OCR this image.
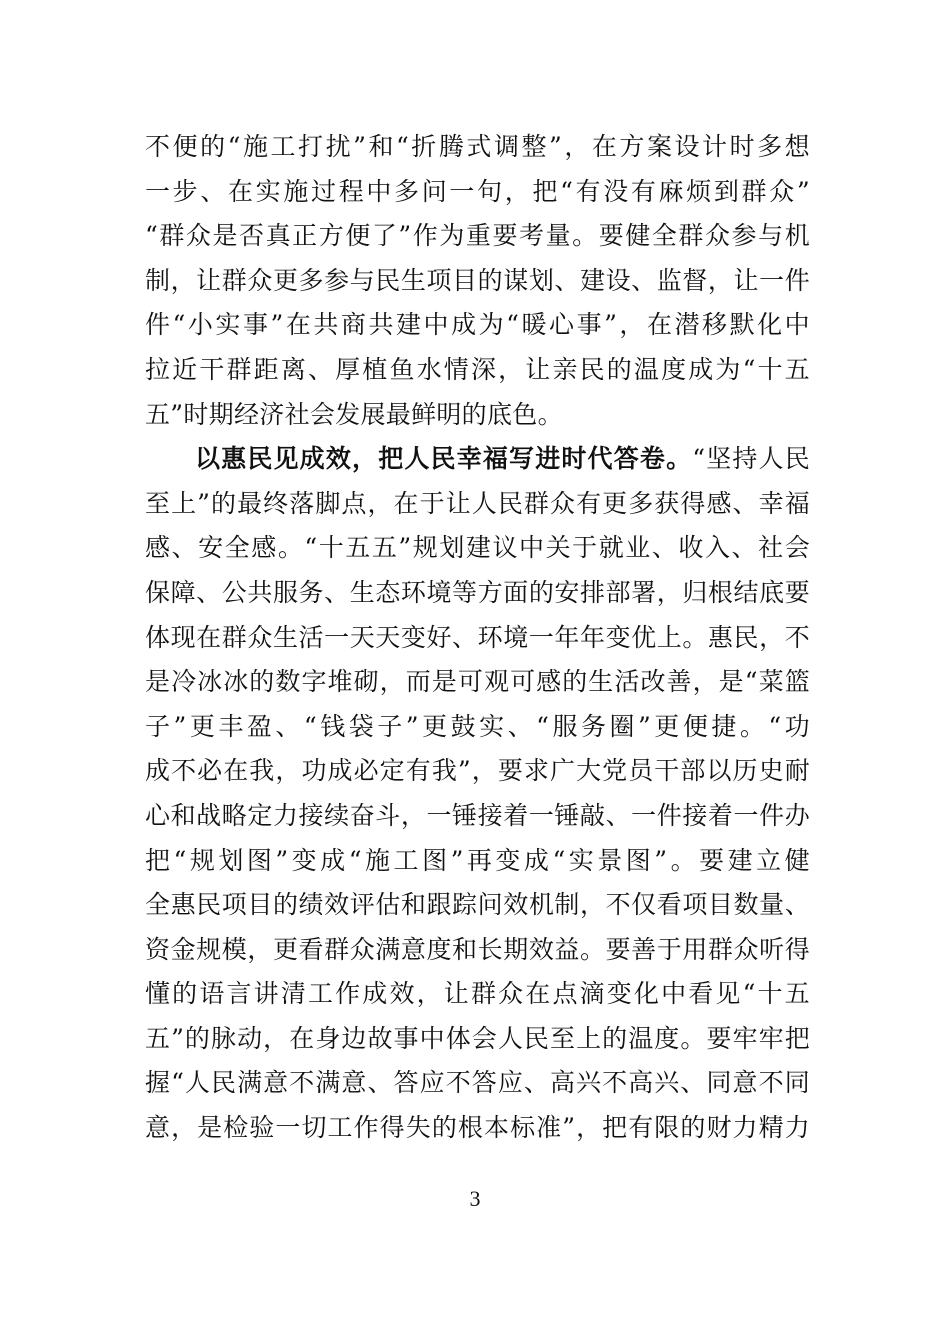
不便的“施工打扰”和“折腾式调整”，在方案设计时多想
一步、在实施过程中多问一句，把“有没有麻烦到群众”
“群众是否真正方便了”作为重要考量。要健全群众参与机
制，让群众更多参与民生项目的谋划、建设、监督，让一件
件“小实事”在共商共建中成为“暖心事”，在潜移默化中
拉近干群距离、厚植鱼水情深，让亲民的温度成为“十五
五”时期经济社会发展最鲜明的底色。
以惠民见成效，把人民幸福写进时代答卷。“坚持人民
至上”的最终落脚点，在于让人民群众有更多获得感、幸福
感、安全感。“十五五”规划建议中关于就业、收入、社会
保障、公共服务、生态环境等方面的安排部署，归根结底要
体现在群众生活一天天变好、环境一年年变优上。惠民，不
是冷冰冰的数字堆砌，而是可观可感的生活改善，是“菜篮
子”更丰盈、“钱袋子”更鼓实、“服务圈”更便捷。“功
成不必在我，功成必定有我”，要求广大党员干部以历史耐
心和战略定力接续奋斗，一锤接着一锤敲、一件接着一件办
把“规划图”变成“施工图”再变成“实景图”。要建立健
全惠民项目的绩效评估和跟踪问效机制，不仅看项目数量、
资金规模，更看群众满意度和长期效益。要善于用群众听得
懂的语言讲清工作成效，让群众在点滴变化中看见“十五
五”的脉动，在身边故事中体会人民至上的温度。要牢牢把
握“人民满意不满意、答应不答应、高兴不高兴、同意不同
意，是检验一切工作得失的根本标准”，把有限的财力精力
3
